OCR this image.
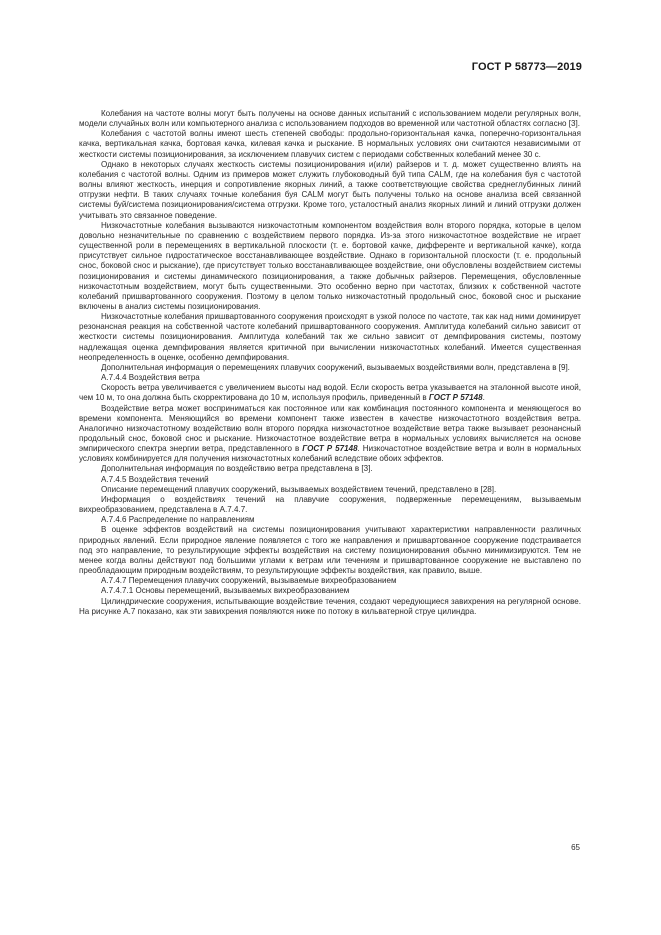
ГОСТ Р 58773—2019

Колебания на частоте волны могут быть получены на основе данных испытаний с использованием модели регулярных волн, модели случайных волн или компьютерного анализа с использованием подходов во временной или частотной областях согласно [3].

Колебания с частотой волны имеют шесть степеней свободы: продольно-горизонтальная качка, поперечно-горизонтальная качка, вертикальная качка, бортовая качка, килевая качка и рыскание. В нормальных условиях они считаются независимыми от жесткости системы позиционирования, за исключением плавучих систем с периодами собственных колебаний менее 30 с.

Однако в некоторых случаях жесткость системы позиционирования и(или) райзеров и т. д. может существенно влиять на колебания с частотой волны. Одним из примеров может служить глубоководный буй типа CALM, где на колебания буя с частотой волны влияют жесткость, инерция и сопротивление якорных линий, а также соответствующие свойства среднеглубинных линий отгрузки нефти. В таких случаях точные колебания буя CALM могут быть получены только на основе анализа всей связанной системы буй/система позиционирования/система отгрузки. Кроме того, усталостный анализ якорных линий и линий отгрузки должен учитывать это связанное поведение.

Низкочастотные колебания вызываются низкочастотным компонентом воздействия волн второго порядка, которые в целом довольно незначительные по сравнению с воздействием первого порядка. Из-за этого низкочастотное воздействие не играет существенной роли в перемещениях в вертикальной плоскости (т. е. бортовой качке, дифференте и вертикальной качке), когда присутствует сильное гидростатическое восстанавливающее воздействие. Однако в горизонтальной плоскости (т. е. продольный снос, боковой снос и рыскание), где присутствует только восстанавливающее воздействие, они обусловлены воздействием системы позиционирования и системы динамического позиционирования, а также добычных райзеров. Перемещения, обусловленные низкочастотным воздействием, могут быть существенными. Это особенно верно при частотах, близких к собственной частоте колебаний пришвартованного сооружения. Поэтому в целом только низкочастотный продольный снос, боковой снос и рыскание включены в анализ системы позиционирования.

Низкочастотные колебания пришвартованного сооружения происходят в узкой полосе по частоте, так как над ними доминирует резонансная реакция на собственной частоте колебаний пришвартованного сооружения. Амплитуда колебаний сильно зависит от жесткости системы позиционирования. Амплитуда колебаний так же сильно зависит от демпфирования системы, поэтому надлежащая оценка демпфирования является критичной при вычислении низкочастотных колебаний. Имеется существенная неопределенность в оценке, особенно демпфирования.

Дополнительная информация о перемещениях плавучих сооружений, вызываемых воздействиями волн, представлена в [9].

А.7.4.4 Воздействия ветра

Скорость ветра увеличивается с увеличением высоты над водой. Если скорость ветра указывается на эталонной высоте иной, чем 10 м, то она должна быть скорректирована до 10 м, используя профиль, приведенный в ГОСТ Р 57148.

Воздействие ветра может восприниматься как постоянное или как комбинация постоянного компонента и меняющегося во времени компонента. Меняющийся во времени компонент также известен в качестве низкочастотного воздействия ветра. Аналогично низкочастотному воздействию волн второго порядка низкочастотное воздействие ветра также вызывает резонансный продольный снос, боковой снос и рыскание. Низкочастотное воздействие ветра в нормальных условиях вычисляется на основе эмпирического спектра энергии ветра, представленного в ГОСТ Р 57148. Низкочастотное воздействие ветра и волн в нормальных условиях комбинируется для получения низкочастотных колебаний вследствие обоих эффектов.

Дополнительная информация по воздействию ветра представлена в [3].

А.7.4.5 Воздействия течений

Описание перемещений плавучих сооружений, вызываемых воздействием течений, представлено в [28].

Информация о воздействиях течений на плавучие сооружения, подверженные перемещениям, вызываемым вихреобразованием, представлена в А.7.4.7.

А.7.4.6 Распределение по направлениям

В оценке эффектов воздействий на системы позиционирования учитывают характеристики направленности различных природных явлений. Если природное явление появляется с того же направления и пришвартованное сооружение подстраивается под это направление, то результирующие эффекты воздействия на систему позиционирования обычно минимизируются. Тем не менее когда волны действуют под большими углами к ветрам или течениям и пришвартованное сооружение не выставлено по преобладающим природным воздействиям, то результирующие эффекты воздействия, как правило, выше.

А.7.4.7 Перемещения плавучих сооружений, вызываемые вихреобразованием

А.7.4.7.1 Основы перемещений, вызываемых вихреобразованием

Цилиндрические сооружения, испытывающие воздействие течения, создают чередующиеся завихрения на регулярной основе. На рисунке А.7 показано, как эти завихрения появляются ниже по потоку в кильватерной струе цилиндра.

65
